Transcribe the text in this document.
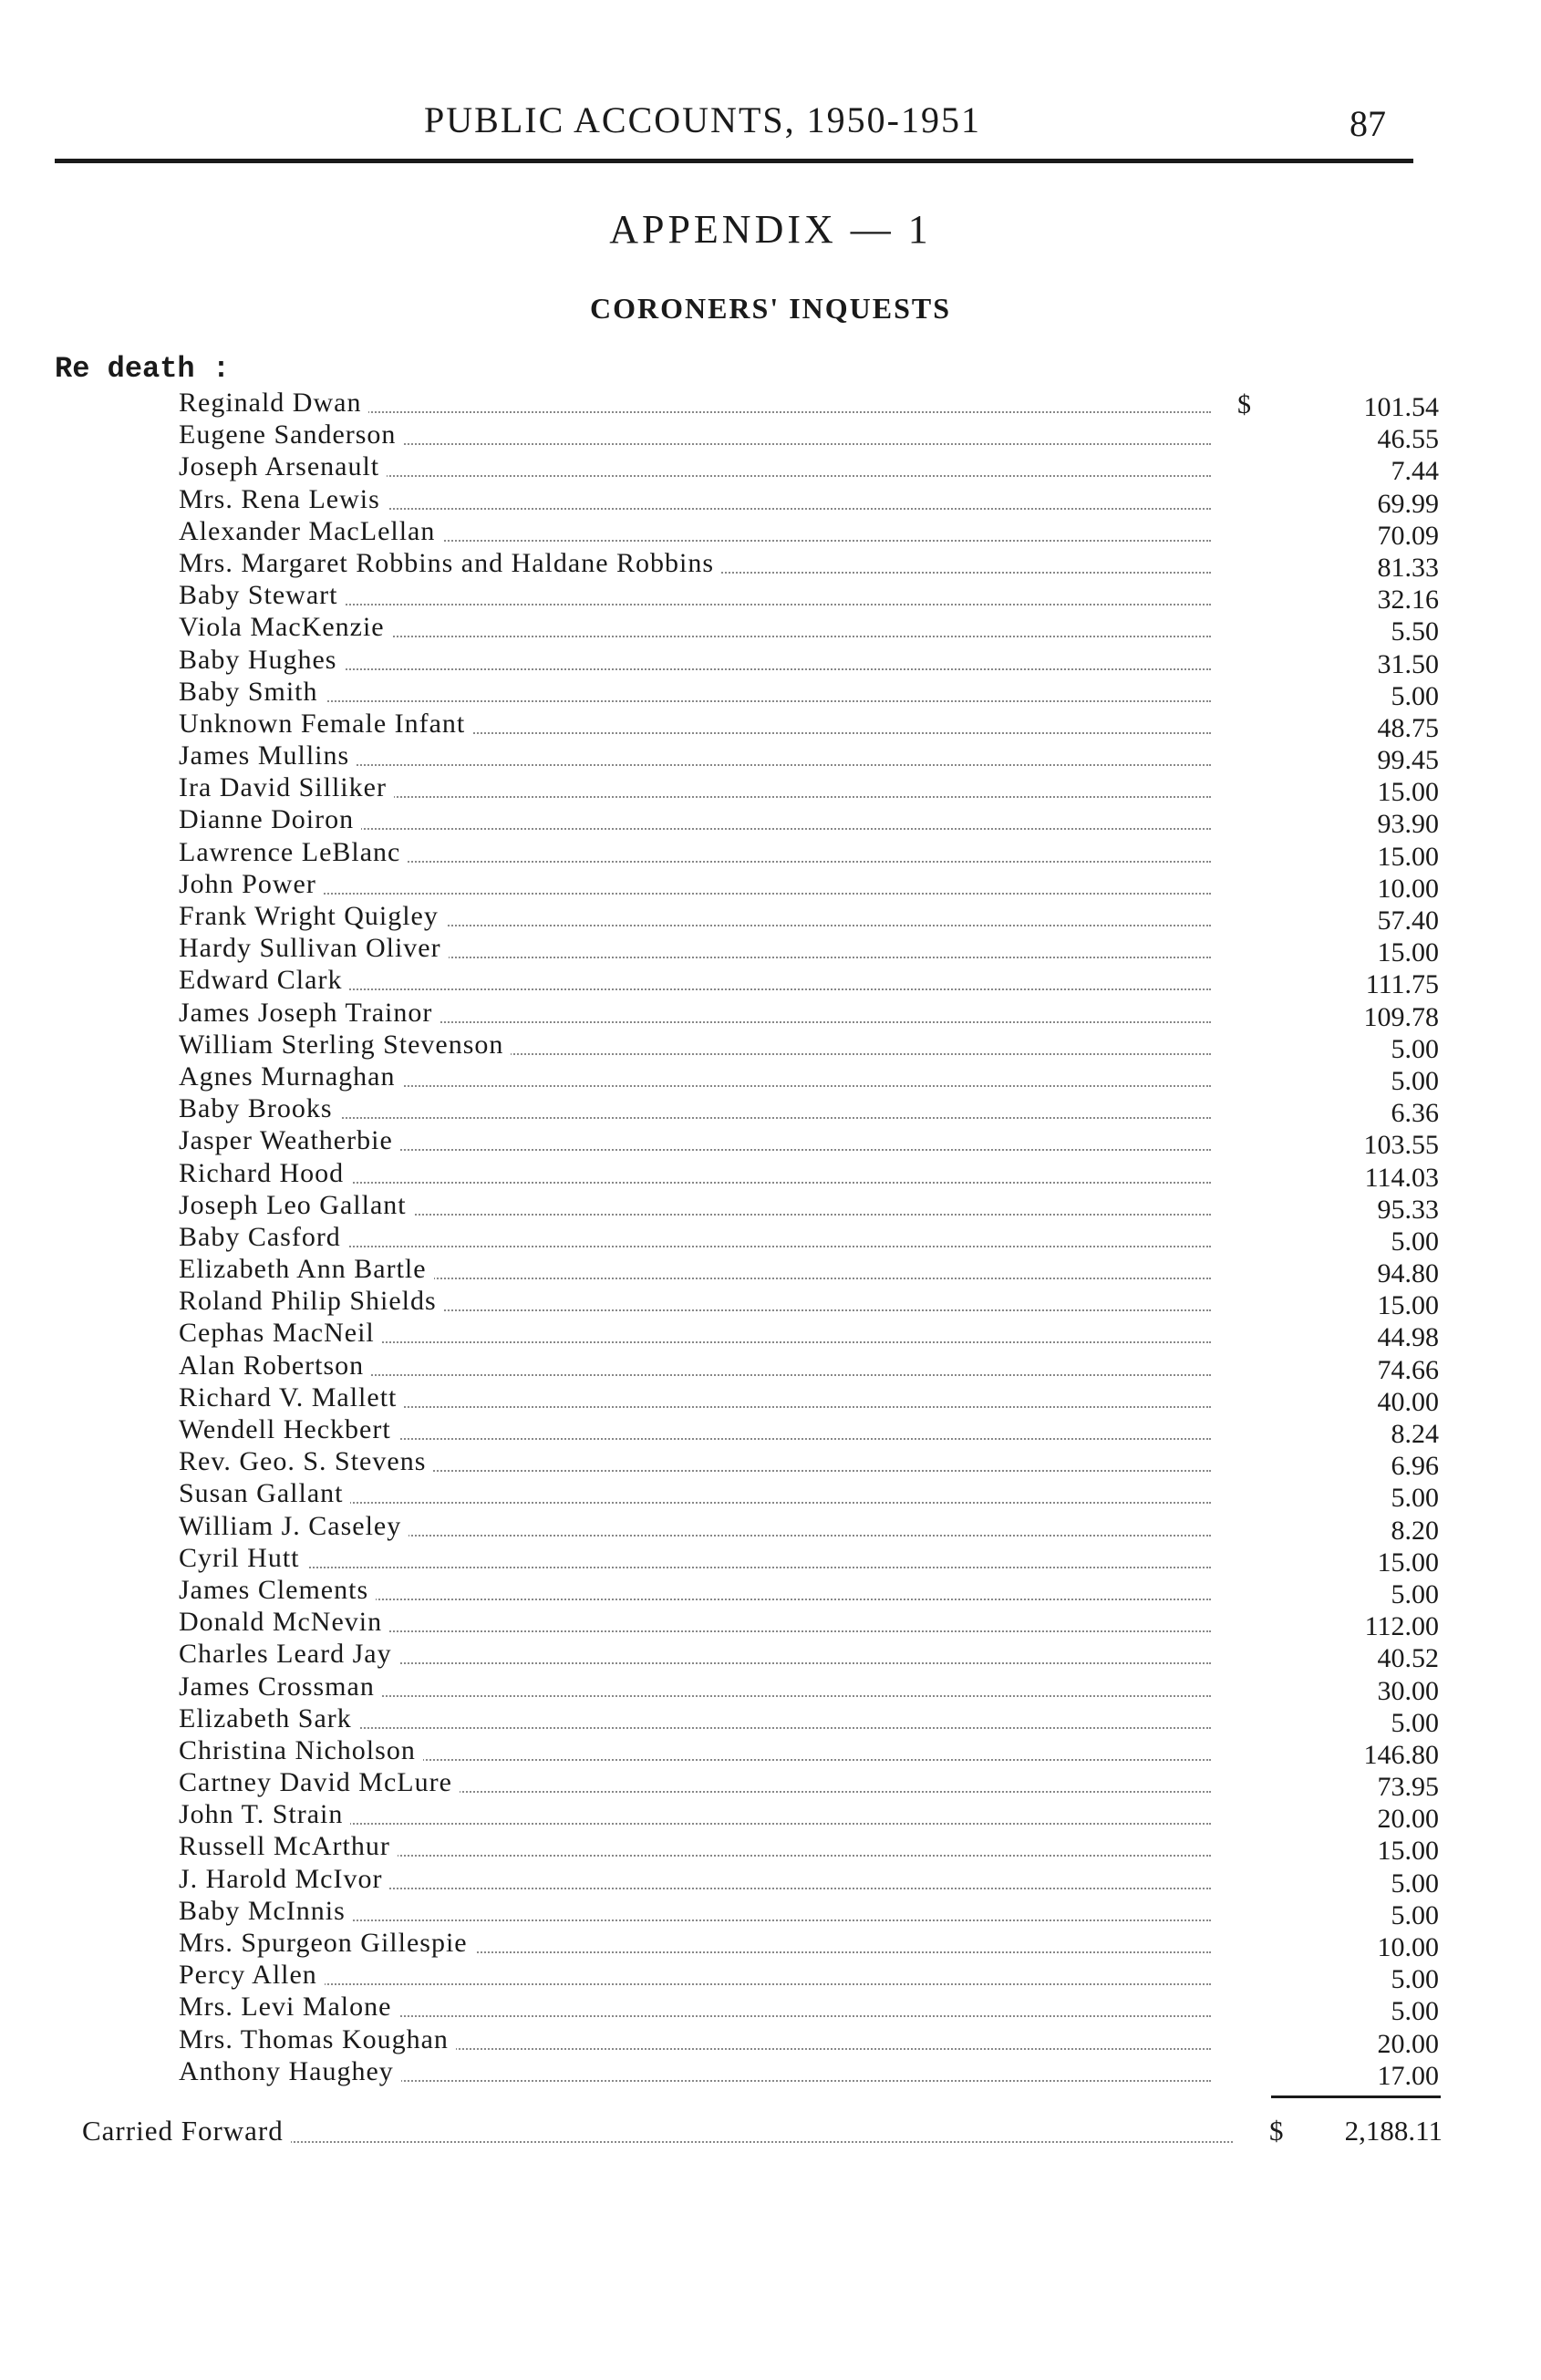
PUBLIC ACCOUNTS, 1950-1951	87
APPENDIX — 1
CORONERS' INQUESTS
Re death :
Reginald Dwan	$	101.54
Eugene Sanderson	46.55
Joseph Arsenault	7.44
Mrs. Rena Lewis	69.99
Alexander MacLellan	70.09
Mrs. Margaret Robbins and Haldane Robbins	81.33
Baby Stewart	32.16
Viola MacKenzie	5.50
Baby Hughes	31.50
Baby Smith	5.00
Unknown Female Infant	48.75
James Mullins	99.45
Ira David Silliker	15.00
Dianne Doiron	93.90
Lawrence LeBlanc	15.00
John Power	10.00
Frank Wright Quigley	57.40
Hardy Sullivan Oliver	15.00
Edward Clark	111.75
James Joseph Trainor	109.78
William Sterling Stevenson	5.00
Agnes Murnaghan	5.00
Baby Brooks	6.36
Jasper Weatherbie	103.55
Richard Hood	114.03
Joseph Leo Gallant	95.33
Baby Casford	5.00
Elizabeth Ann Bartle	94.80
Roland Philip Shields	15.00
Cephas MacNeil	44.98
Alan Robertson	74.66
Richard V. Mallett	40.00
Wendell Heckbert	8.24
Rev. Geo. S. Stevens	6.96
Susan Gallant	5.00
William J. Caseley	8.20
Cyril Hutt	15.00
James Clements	5.00
Donald McNevin	112.00
Charles Leard Jay	40.52
James Crossman	30.00
Elizabeth Sark	5.00
Christina Nicholson	146.80
Cartney David McLure	73.95
John T. Strain	20.00
Russell McArthur	15.00
J. Harold McIvor	5.00
Baby McInnis	5.00
Mrs. Spurgeon Gillespie	10.00
Percy Allen	5.00
Mrs. Levi Malone	5.00
Mrs. Thomas Koughan	20.00
Anthony Haughey	17.00
Carried Forward	$ 2,188.11
